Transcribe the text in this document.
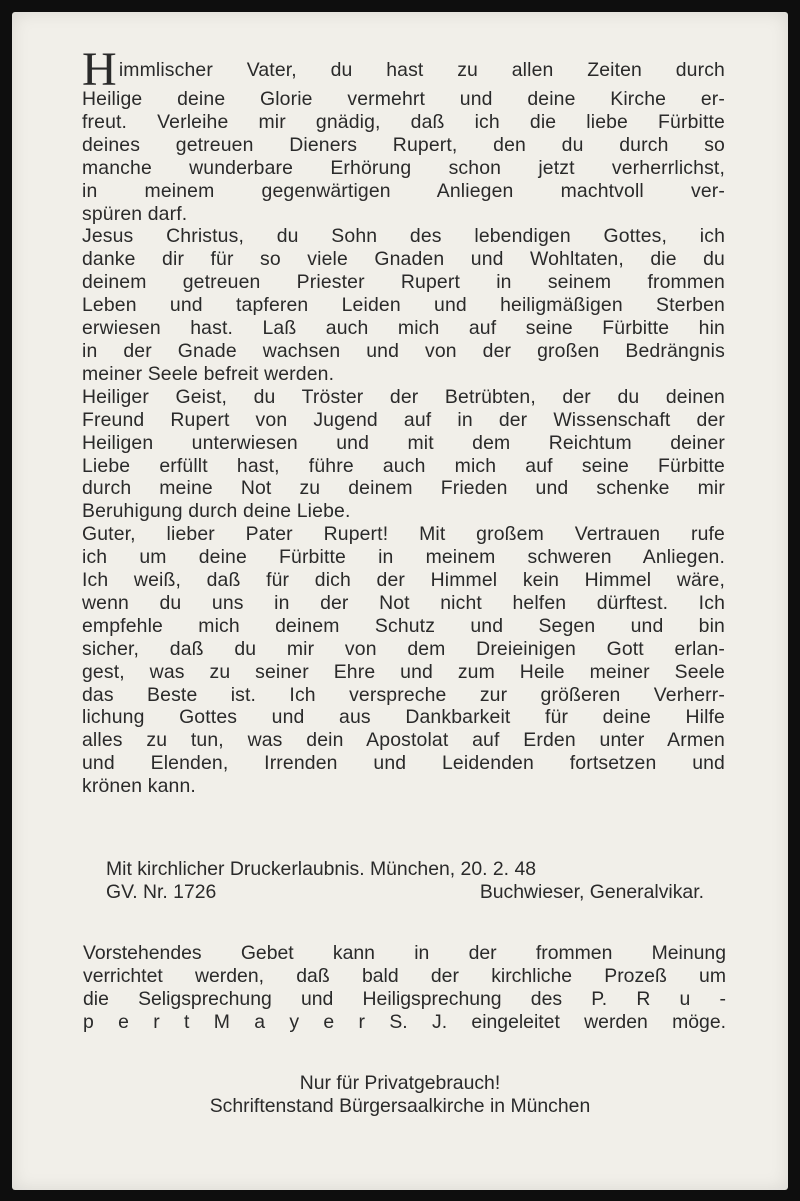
Himmlischer Vater, du hast zu allen Zeiten durch
Heilige deine Glorie vermehrt und deine Kirche er-
freut. Verleihe mir gnädig, daß ich die liebe Fürbitte
deines getreuen Dieners Rupert, den du durch so
manche wunderbare Erhörung schon jetzt verherrlichst,
in meinem gegenwärtigen Anliegen machtvoll ver-
spüren darf.
Jesus Christus, du Sohn des lebendigen Gottes, ich
danke dir für so viele Gnaden und Wohltaten, die du
deinem getreuen Priester Rupert in seinem frommen
Leben und tapferen Leiden und heiligmäßigen Sterben
erwiesen hast. Laß auch mich auf seine Fürbitte hin
in der Gnade wachsen und von der großen Bedrängnis
meiner Seele befreit werden.
Heiliger Geist, du Tröster der Betrübten, der du deinen
Freund Rupert von Jugend auf in der Wissenschaft der
Heiligen unterwiesen und mit dem Reichtum deiner
Liebe erfüllt hast, führe auch mich auf seine Fürbitte
durch meine Not zu deinem Frieden und schenke mir
Beruhigung durch deine Liebe.
Guter, lieber Pater Rupert! Mit großem Vertrauen rufe
ich um deine Fürbitte in meinem schweren Anliegen.
Ich weiß, daß für dich der Himmel kein Himmel wäre,
wenn du uns in der Not nicht helfen dürftest. Ich
empfehle mich deinem Schutz und Segen und bin
sicher, daß du mir von dem Dreieinigen Gott erlan-
gest, was zu seiner Ehre und zum Heile meiner Seele
das Beste ist. Ich verspreche zur größeren Verherr-
lichung Gottes und aus Dankbarkeit für deine Hilfe
alles zu tun, was dein Apostolat auf Erden unter Armen
und Elenden, Irrenden und Leidenden fortsetzen und
krönen kann.
Mit kirchlicher Druckerlaubnis. München, 20. 2. 48
GV. Nr. 1726	Buchwieser, Generalvikar.
Vorstehendes Gebet kann in der frommen Meinung
verrichtet werden, daß bald der kirchliche Prozeß um
die Seligsprechung und Heiligsprechung des P. R u -
p e r t M a y e r S. J. eingeleitet werden möge.
Nur für Privatgebrauch!
Schriftenstand Bürgersaalkirche in München
